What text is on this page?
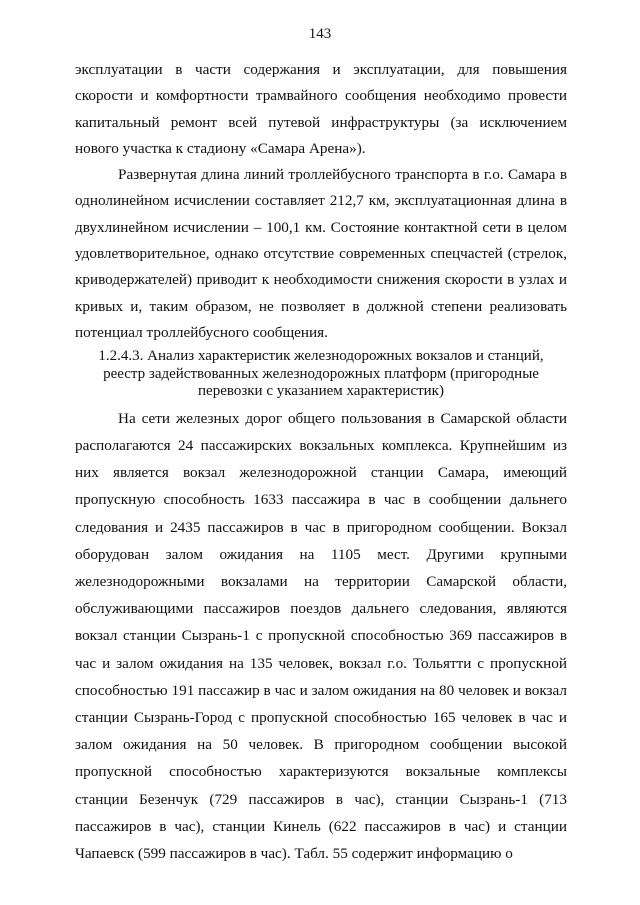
143

эксплуатации в части содержания и эксплуатации, для повышения скорости и комфортности трамвайного сообщения необходимо провести капитальный ремонт всей путевой инфраструктуры (за исключением нового участка к стадиону «Самара Арена»).

Развернутая длина линий троллейбусного транспорта в г.о. Самара в однолинейном исчислении составляет 212,7 км, эксплуатационная длина в двухлинейном исчислении – 100,1 км. Состояние контактной сети в целом удовлетворительное, однако отсутствие современных спецчастей (стрелок, криводержателей) приводит к необходимости снижения скорости в узлах и кривых и, таким образом, не позволяет в должной степени реализовать потенциал троллейбусного сообщения.

1.2.4.3. Анализ характеристик железнодорожных вокзалов и станций, реестр задействованных железнодорожных платформ (пригородные перевозки с указанием характеристик)

На сети железных дорог общего пользования в Самарской области располагаются 24 пассажирских вокзальных комплекса. Крупнейшим из них является вокзал железнодорожной станции Самара, имеющий пропускную способность 1633 пассажира в час в сообщении дальнего следования и 2435 пассажиров в час в пригородном сообщении. Вокзал оборудован залом ожидания на 1105 мест. Другими крупными железнодорожными вокзалами на территории Самарской области, обслуживающими пассажиров поездов дальнего следования, являются вокзал станции Сызрань-1 с пропускной способностью 369 пассажиров в час и залом ожидания на 135 человек, вокзал г.о. Тольятти с пропускной способностью 191 пассажир в час и залом ожидания на 80 человек и вокзал станции Сызрань-Город с пропускной способностью 165 человек в час и залом ожидания на 50 человек. В пригородном сообщении высокой пропускной способностью характеризуются вокзальные комплексы станции Безенчук (729 пассажиров в час), станции Сызрань-1 (713 пассажиров в час), станции Кинель (622 пассажиров в час) и станции Чапаевск (599 пассажиров в час). Табл. 55 содержит информацию о
